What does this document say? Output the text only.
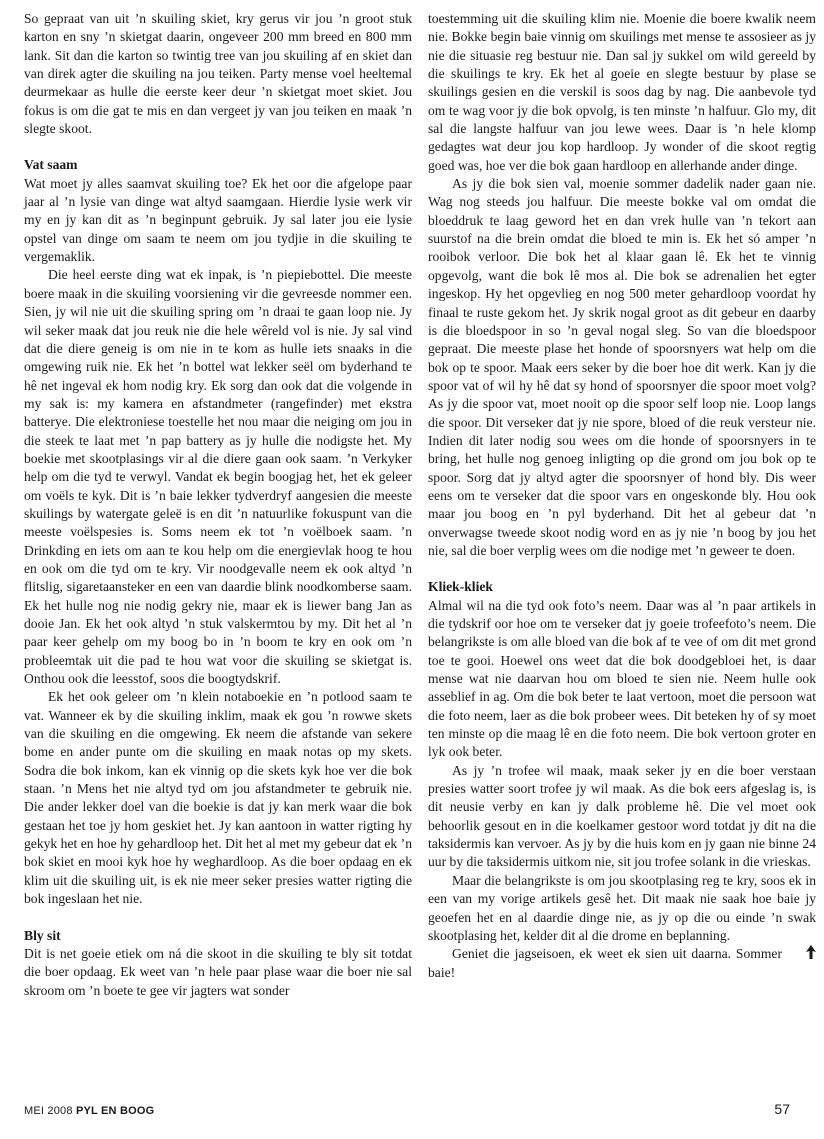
So gepraat van uit ’n skuiling skiet, kry gerus vir jou ’n groot stuk karton en sny ’n skietgat daarin, ongeveer 200 mm breed en 800 mm lank. Sit dan die karton so twintig tree van jou skuiling af en skiet dan van direk agter die skuiling na jou teiken. Party mense voel heeltemal deurmekaar as hulle die eerste keer deur ’n skietgat moet skiet. Jou fokus is om die gat te mis en dan vergeet jy van jou teiken en maak ’n slegte skoot.

Vat saam

Wat moet jy alles saamvat skuiling toe? Ek het oor die afgelope paar jaar al ’n lysie van dinge wat altyd saamgaan. Hierdie lysie werk vir my en jy kan dit as ’n beginpunt gebruik. Jy sal later jou eie lysie opstel van dinge om saam te neem om jou tydjie in die skuiling te vergemaklik.

Die heel eerste ding wat ek inpak, is ’n piepiebottel. Die meeste boere maak in die skuiling voorsiening vir die gevreesde nommer een. Sien, jy wil nie uit die skuiling spring om ’n draai te gaan loop nie. Jy wil seker maak dat jou reuk nie die hele wêreld vol is nie. Jy sal vind dat die diere geneig is om nie in te kom as hulle iets snaaks in die omgewing ruik nie. Ek het ’n bottel wat lekker seël om byderhand te hê net ingeval ek hom nodig kry. Ek sorg dan ook dat die volgende in my sak is: my kamera en afstandmeter (rangefinder) met ekstra batterye. Die elektroniese toestelle het nou maar die neiging om jou in die steek te laat met ’n pap battery as jy hulle die nodigste het. My boekie met skootplasings vir al die diere gaan ook saam. ’n Verkyker help om die tyd te verwyl. Vandat ek begin boogjag het, het ek geleer om voëls te kyk. Dit is ’n baie lekker tydverdryf aangesien die meeste skuilings by watergate geleë is en dit ’n natuurlike fokuspunt van die meeste voëlspesies is. Soms neem ek tot ’n voëlboek saam. ’n Drinkding en iets om aan te kou help om die energievlak hoog te hou en ook om die tyd om te kry. Vir noodgevalle neem ek ook altyd ’n flitslig, sigaretaansteker en een van daardie blink noodkomberse saam. Ek het hulle nog nie nodig gekry nie, maar ek is liewer bang Jan as dooie Jan. Ek het ook altyd ’n stuk valskermtou by my. Dit het al ’n paar keer gehelp om my boog bo in ’n boom te kry en ook om ’n probleemtak uit die pad te hou wat voor die skuiling se skietgat is. Onthou ook die leesstof, soos die boogtydskrif.

Ek het ook geleer om ’n klein notaboekie en ’n potlood saam te vat. Wanneer ek by die skuiling inklim, maak ek gou ’n rowwe skets van die skuiling en die omgewing. Ek neem die afstande van sekere bome en ander punte om die skuiling en maak notas op my skets. Sodra die bok inkom, kan ek vinnig op die skets kyk hoe ver die bok staan. ’n Mens het nie altyd tyd om jou afstandmeter te gebruik nie. Die ander lekker doel van die boekie is dat jy kan merk waar die bok gestaan het toe jy hom geskiet het. Jy kan aantoon in watter rigting hy gekyk het en hoe hy gehardloop het. Dit het al met my gebeur dat ek ’n bok skiet en mooi kyk hoe hy weghardloop. As die boer opdaag en ek klim uit die skuiling uit, is ek nie meer seker presies watter rigting die bok ingeslaan het nie.

Bly sit

Dit is net goeie etiek om ná die skoot in die skuiling te bly sit totdat die boer opdaag. Ek weet van ’n hele paar plase waar die boer nie sal skroom om ’n boete te gee vir jagters wat sonder

toestemming uit die skuiling klim nie. Moenie die boere kwalik neem nie. Bokke begin baie vinnig om skuilings met mense te assosieer as jy nie die situasie reg bestuur nie. Dan sal jy sukkel om wild gereeld by die skuilings te kry. Ek het al goeie en slegte bestuur by plase se skuilings gesien en die verskil is soos dag by nag. Die aanbevole tyd om te wag voor jy die bok opvolg, is ten minste ’n halfuur. Glo my, dit sal die langste halfuur van jou lewe wees. Daar is ’n hele klomp gedagtes wat deur jou kop hardloop. Jy wonder of die skoot regtig goed was, hoe ver die bok gaan hardloop en allerhande ander dinge.

As jy die bok sien val, moenie sommer dadelik nader gaan nie. Wag nog steeds jou halfuur. Die meeste bokke val om omdat die bloeddruk te laag geword het en dan vrek hulle van ’n tekort aan suurstof na die brein omdat die bloed te min is. Ek het só amper ’n rooibok verloor. Die bok het al klaar gaan lê. Ek het te vinnig opgevolg, want die bok lê mos al. Die bok se adrenalien het egter ingeskop. Hy het opgevlieg en nog 500 meter gehardloop voordat hy finaal te ruste gekom het. Jy skrik nogal groot as dit gebeur en daarby is die bloedspoor in so ’n geval nogal sleg. So van die bloedspoor gepraat. Die meeste plase het honde of spoorsnyers wat help om die bok op te spoor. Maak eers seker by die boer hoe dit werk. Kan jy die spoor vat of wil hy hê dat sy hond of spoorsnyer die spoor moet volg? As jy die spoor vat, moet nooit op die spoor self loop nie. Loop langs die spoor. Dit verseker dat jy nie spore, bloed of die reuk versteur nie. Indien dit later nodig sou wees om die honde of spoorsnyers in te bring, het hulle nog genoeg inligting op die grond om jou bok op te spoor. Sorg dat jy altyd agter die spoorsnyer of hond bly. Dis weer eens om te verseker dat die spoor vars en ongeskonde bly. Hou ook maar jou boog en ’n pyl byderhand. Dit het al gebeur dat ’n onverwagse tweede skoot nodig word en as jy nie ’n boog by jou het nie, sal die boer verplig wees om die nodige met ’n geweer te doen.

Kliek-kliek

Almal wil na die tyd ook foto’s neem. Daar was al ’n paar artikels in die tydskrif oor hoe om te verseker dat jy goeie trofeefoto’s neem. Die belangrikste is om alle bloed van die bok af te vee of om dit met grond toe te gooi. Hoewel ons weet dat die bok doodgebloei het, is daar mense wat nie daarvan hou om bloed te sien nie. Neem hulle ook asseblief in ag. Om die bok beter te laat vertoon, moet die persoon wat die foto neem, laer as die bok probeer wees. Dit beteken hy of sy moet ten minste op die maag lê en die foto neem. Die bok vertoon groter en lyk ook beter.

As jy ’n trofee wil maak, maak seker jy en die boer verstaan presies watter soort trofee jy wil maak. As die bok eers afgeslag is, is dit neusie verby en kan jy dalk probleme hê. Die vel moet ook behoorlik gesout en in die koelkamer gestoor word totdat jy dit na die taksidermis kan vervoer. As jy by die huis kom en jy gaan nie binne 24 uur by die taksidermis uitkom nie, sit jou trofee solank in die vrieskas.

Maar die belangrikste is om jou skootplasing reg te kry, soos ek in een van my vorige artikels gesê het. Dit maak nie saak hoe baie jy geoefen het en al daardie dinge nie, as jy op die ou einde ’n swak skootplasing het, kelder dit al die drome en beplanning.

Geniet die jagseisoen, ek weet ek sien uit daarna. Sommer baie!

MEI 2008 PYL EN BOOG	57
